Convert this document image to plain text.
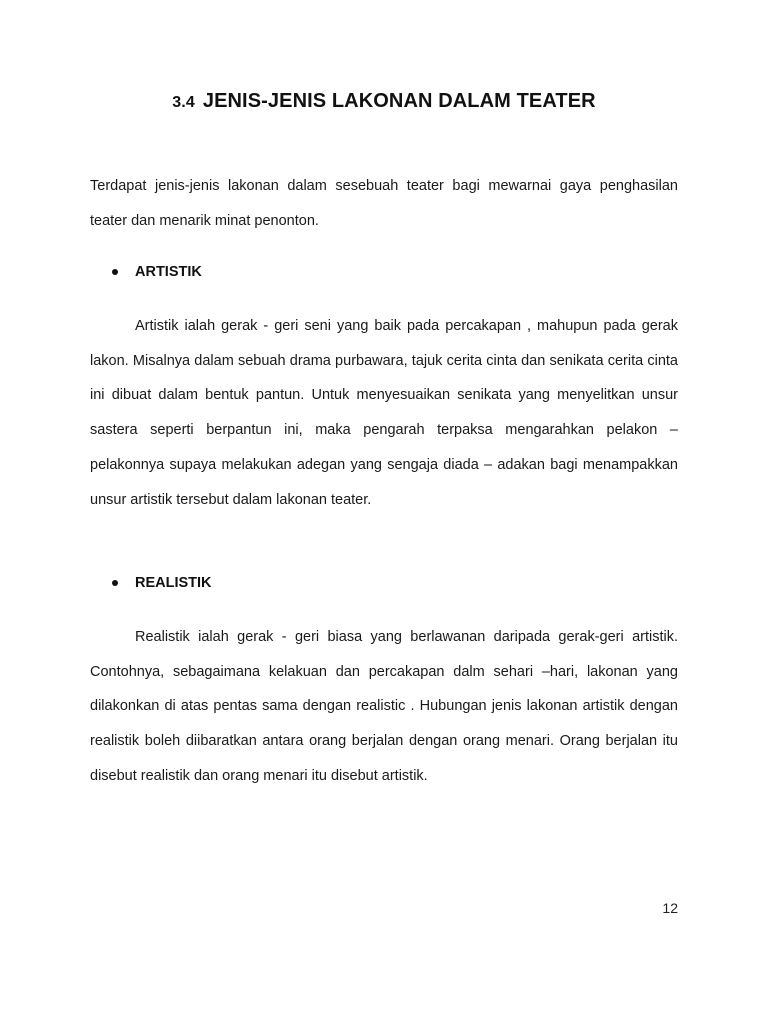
3.4 JENIS-JENIS LAKONAN DALAM TEATER

Terdapat jenis-jenis lakonan dalam sesebuah teater bagi mewarnai gaya penghasilan teater dan menarik minat penonton.

ARTISTIK

Artistik ialah gerak - geri seni yang baik pada percakapan , mahupun pada gerak lakon. Misalnya dalam sebuah drama purbawara, tajuk cerita cinta dan senikata cerita cinta ini dibuat dalam bentuk pantun. Untuk menyesuaikan senikata yang menyelitkan unsur sastera seperti berpantun ini, maka pengarah terpaksa mengarahkan pelakon – pelakonnya supaya melakukan adegan yang sengaja diada – adakan bagi menampakkan unsur artistik tersebut dalam lakonan teater.

REALISTIK

Realistik ialah gerak - geri biasa yang berlawanan daripada gerak-geri artistik. Contohnya, sebagaimana kelakuan dan percakapan dalm sehari –hari, lakonan yang dilakonkan di atas pentas sama dengan realistic . Hubungan jenis lakonan artistik dengan realistik boleh diibaratkan antara orang berjalan dengan orang menari. Orang berjalan itu disebut realistik dan orang menari itu disebut artistik.

12
